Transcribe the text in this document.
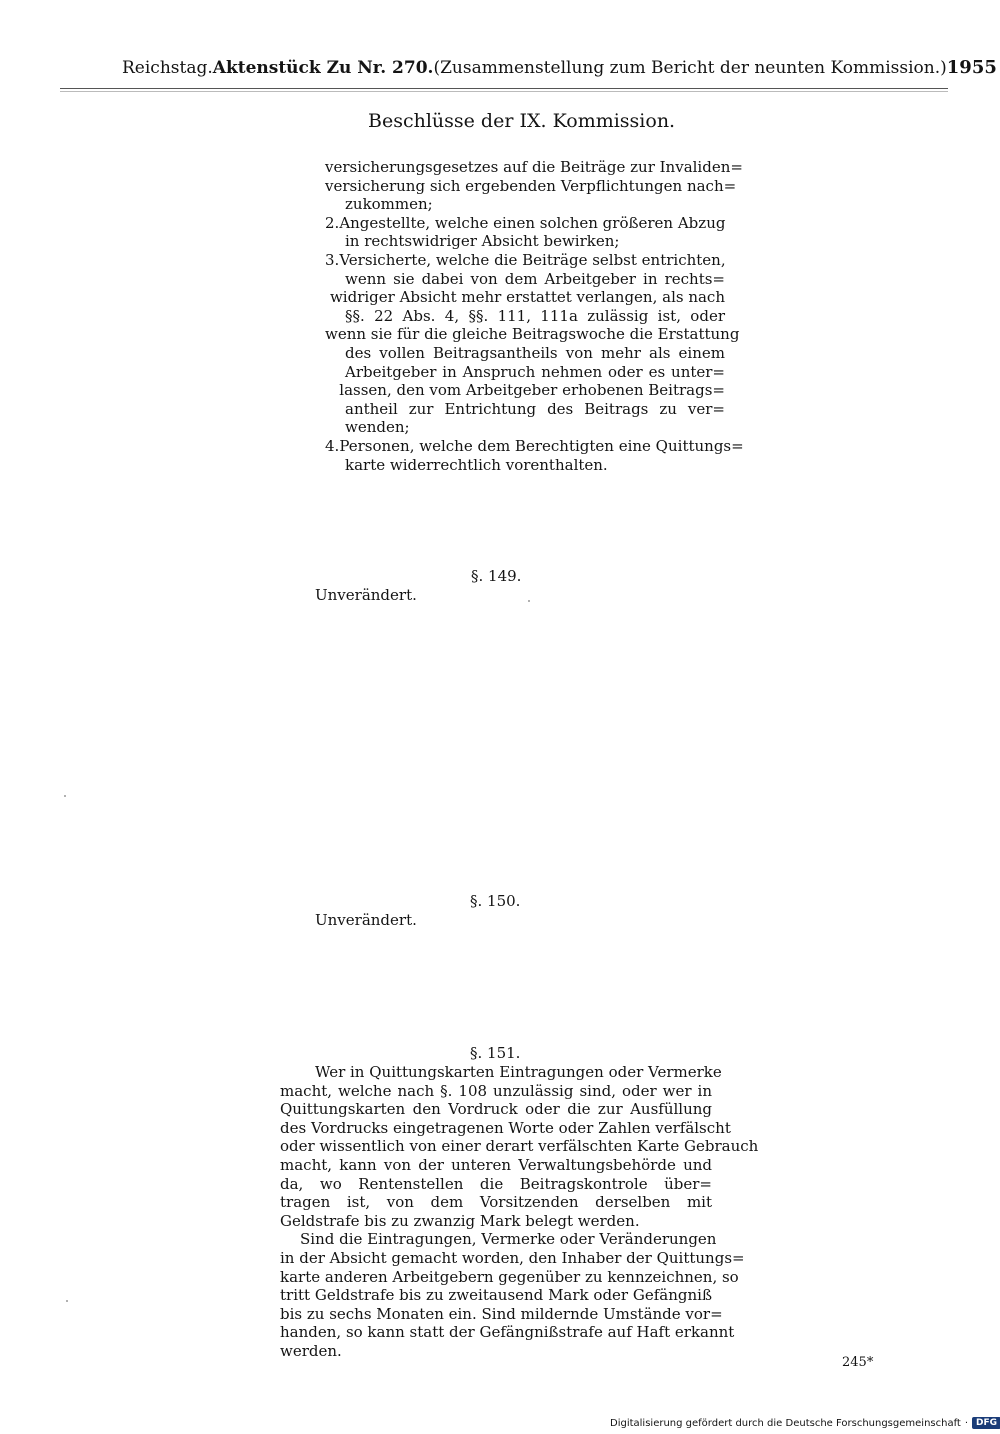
Reichstag. Aktenstück Zu Nr. 270. (Zusammenstellung zum Bericht der neunten Kommission.) 1955
Beschlüsse der IX. Kommission.
versicherungsgesetzes auf die Beiträge zur Invaliden=
versicherung sich ergebenden Verpflichtungen nach=
zukommen;
2. Angestellte, welche einen solchen größeren Abzug
in rechtswidriger Absicht bewirken;
3. Versicherte, welche die Beiträge selbst entrichten,
wenn sie dabei von dem Arbeitgeber in rechts=
widriger Absicht mehr erstattet verlangen, als nach
§§. 22 Abs. 4, §§. 111, 111a zulässig ist, oder
wenn sie für die gleiche Beitragswoche die Erstattung
des vollen Beitragsantheils von mehr als einem
Arbeitgeber in Anspruch nehmen oder es unter=
lassen, den vom Arbeitgeber erhobenen Beitrags=
antheil zur Entrichtung des Beitrags zu ver=
wenden;
4. Personen, welche dem Berechtigten eine Quittungs=
karte widerrechtlich vorenthalten.
§. 149.
Unverändert.
§. 150.
Unverändert.
§. 151.
Wer in Quittungskarten Eintragungen oder Vermerke
macht, welche nach §. 108 unzulässig sind, oder wer in
Quittungskarten den Vordruck oder die zur Ausfüllung
des Vordrucks eingetragenen Worte oder Zahlen verfälscht
oder wissentlich von einer derart verfälschten Karte Gebrauch
macht, kann von der unteren Verwaltungsbehörde und
da, wo Rentenstellen die Beitragskontrole über=
tragen ist, von dem Vorsitzenden derselben mit
Geldstrafe bis zu zwanzig Mark belegt werden.
Sind die Eintragungen, Vermerke oder Veränderungen
in der Absicht gemacht worden, den Inhaber der Quittungs=
karte anderen Arbeitgebern gegenüber zu kennzeichnen, so
tritt Geldstrafe bis zu zweitausend Mark oder Gefängniß
bis zu sechs Monaten ein. Sind mildernde Umstände vor=
handen, so kann statt der Gefängnißstrafe auf Haft erkannt
werden.
245*
Digitalisierung gefördert durch die Deutsche Forschungsgemeinschaft · DFG
